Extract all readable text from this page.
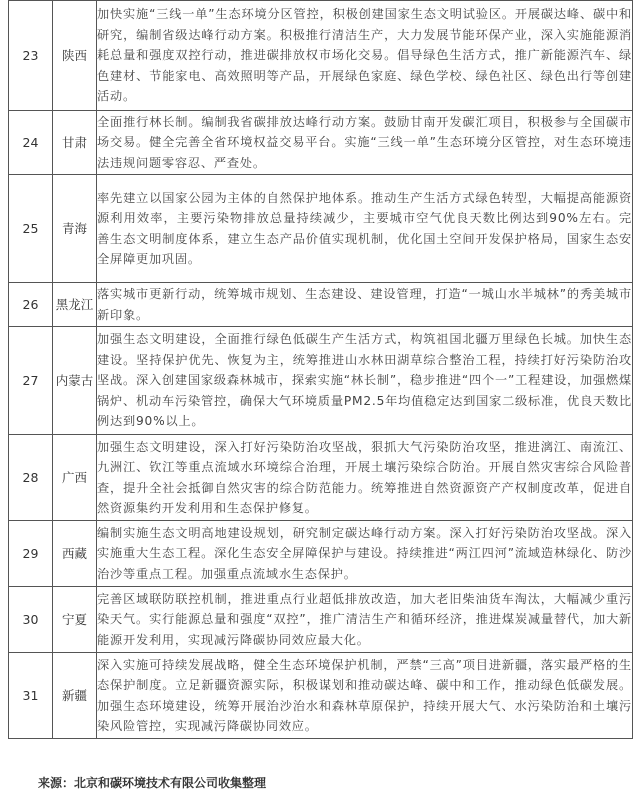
23	陕西	加快实施“三线一单”生态环境分区管控，积极创建国家生态文明试验区。开展碳达峰、碳中和研究，编制省级达峰行动方案。积极推行清洁生产，大力发展节能环保产业，深入实施能源消耗总量和强度双控行动，推进碳排放权市场化交易。倡导绿色生活方式，推广新能源汽车、绿色建材、节能家电、高效照明等产品，开展绿色家庭、绿色学校、绿色社区、绿色出行等创建活动。
24	甘肃	全面推行林长制。编制我省碳排放达峰行动方案。鼓励甘南开发碳汇项目，积极参与全国碳市场交易。健全完善全省环境权益交易平台。实施“三线一单”生态环境分区管控，对生态环境违法违规问题零容忍、严查处。
25	青海	率先建立以国家公园为主体的自然保护地体系。推动生产生活方式绿色转型，大幅提高能源资源利用效率，主要污染物排放总量持续减少，主要城市空气优良天数比例达到90%左右。完善生态文明制度体系，建立生态产品价值实现机制，优化国土空间开发保护格局，国家生态安全屏障更加巩固。
26	黑龙江	落实城市更新行动，统筹城市规划、生态建设、建设管理，打造“一城山水半城林”的秀美城市新印象。
27	内蒙古	加强生态文明建设，全面推行绿色低碳生产生活方式，构筑祖国北疆万里绿色长城。加快生态建设。坚持保护优先、恢复为主，统筹推进山水林田湖草综合整治工程，持续打好污染防治攻坚战。深入创建国家级森林城市，探索实施“林长制”，稳步推进“四个一”工程建设，加强燃煤锅炉、机动车污染管控，确保大气环境质量PM2.5年均值稳定达到国家二级标准，优良天数比例达到90%以上。
28	广西	加强生态文明建设，深入打好污染防治攻坚战，狠抓大气污染防治攻坚，推进漓江、南流江、九洲江、钦江等重点流域水环境综合治理，开展土壤污染综合防治。开展自然灾害综合风险普查，提升全社会抵御自然灾害的综合防范能力。统筹推进自然资源资产产权制度改革，促进自然资源集约开发利用和生态保护修复。
29	西藏	编制实施生态文明高地建设规划，研究制定碳达峰行动方案。深入打好污染防治攻坚战。深入实施重大生态工程。深化生态安全屏障保护与建设。持续推进“两江四河”流域造林绿化、防沙治沙等重点工程。加强重点流域水生态保护。
30	宁夏	完善区域联防联控机制，推进重点行业超低排放改造，加大老旧柴油货车淘汰，大幅减少重污染天气。实行能源总量和强度“双控”，推广清洁生产和循环经济，推进煤炭减量替代，加大新能源开发利用，实现减污降碳协同效应最大化。
31	新疆	深入实施可持续发展战略，健全生态环境保护机制，严禁“三高”项目进新疆，落实最严格的生态保护制度。立足新疆资源实际，积极谋划和推动碳达峰、碳中和工作，推动绿色低碳发展。加强生态环境建设，统筹开展治沙治水和森林草原保护，持续开展大气、水污染防治和土壤污染风险管控，实现减污降碳协同效应。
来源：北京和碳环境技术有限公司收集整理
